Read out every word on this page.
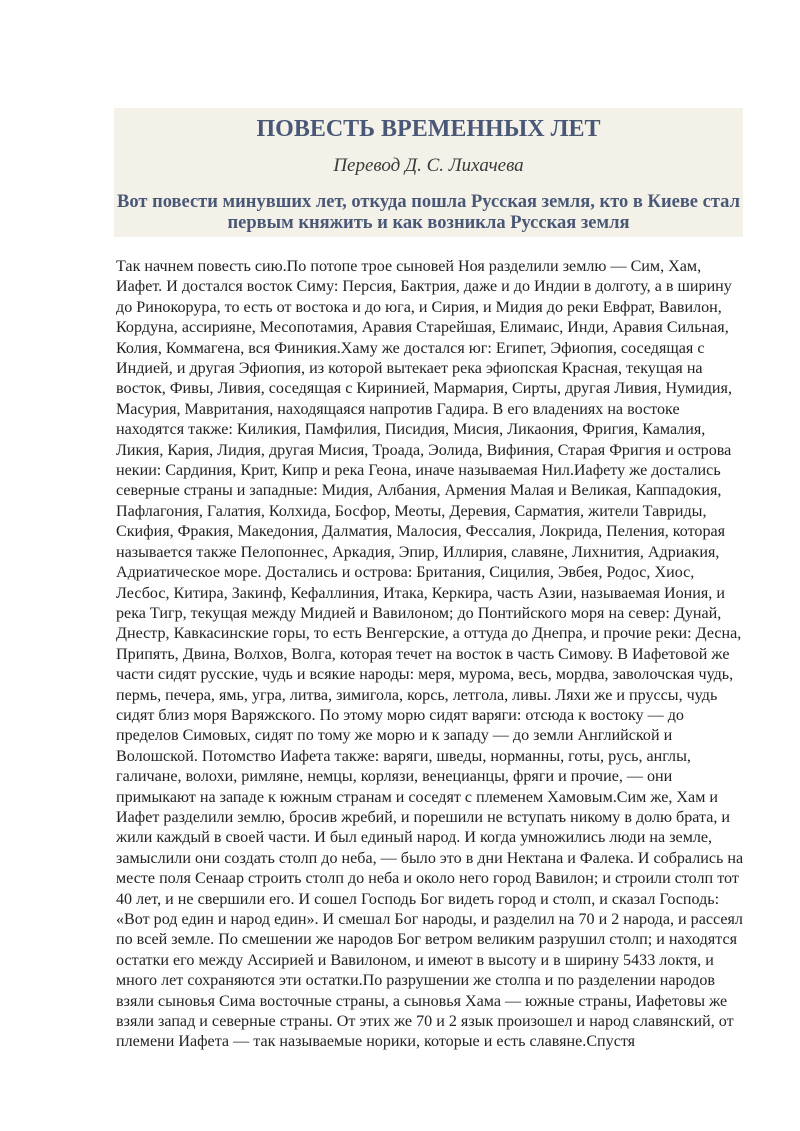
ПОВЕСТЬ ВРЕМЕННЫХ ЛЕТ

Перевод Д. С. Лихачева

Вот повести минувших лет, откуда пошла Русская земля, кто в Киеве стал первым княжить и как возникла Русская земля

Так начнем повесть сию.По потопе трое сыновей Ноя разделили землю — Сим, Хам, Иафет. И достался восток Симу: Персия, Бактрия, даже и до Индии в долготу, а в ширину до Ринокорура, то есть от востока и до юга, и Сирия, и Мидия до реки Евфрат, Вавилон, Кордуна, ассирияне, Месопотамия, Аравия Старейшая, Елимаис, Инди, Аравия Сильная, Колия, Коммагена, вся Финикия.Хаму же достался юг: Египет, Эфиопия, соседящая с Индией, и другая Эфиопия, из которой вытекает река эфиопская Красная, текущая на восток, Фивы, Ливия, соседящая с Киринией, Мармария, Сирты, другая Ливия, Нумидия, Масурия, Мавритания, находящаяся напротив Гадира. В его владениях на востоке находятся также: Киликия, Памфилия, Писидия, Мисия, Ликаония, Фригия, Камалия, Ликия, Кария, Лидия, другая Мисия, Троада, Эолида, Вифиния, Старая Фригия и острова некии: Сардиния, Крит, Кипр и река Геона, иначе называемая Нил.Иафету же достались северные страны и западные: Мидия, Албания, Армения Малая и Великая, Каппадокия, Пафлагония, Галатия, Колхида, Босфор, Меоты, Деревия, Сарматия, жители Тавриды, Скифия, Фракия, Македония, Далматия, Малосия, Фессалия, Локрида, Пеления, которая называется также Пелопоннес, Аркадия, Эпир, Иллирия, славяне, Лихнития, Адриакия, Адриатическое море. Достались и острова: Британия, Сицилия, Эвбея, Родос, Хиос, Лесбос, Китира, Закинф, Кефаллиния, Итака, Керкира, часть Азии, называемая Иония, и река Тигр, текущая между Мидией и Вавилоном; до Понтийского моря на север: Дунай, Днестр, Кавкасинские горы, то есть Венгерские, а оттуда до Днепра, и прочие реки: Десна, Припять, Двина, Волхов, Волга, которая течет на восток в часть Симову. В Иафетовой же части сидят русские, чудь и всякие народы: меря, мурома, весь, мордва, заволочская чудь, пермь, печера, ямь, угра, литва, зимигола, корсь, летгола, ливы. Ляхи же и пруссы, чудь сидят близ моря Варяжского. По этому морю сидят варяги: отсюда к востоку — до пределов Симовых, сидят по тому же морю и к западу — до земли Английской и Волошской. Потомство Иафета также: варяги, шведы, норманны, готы, русь, англы, галичане, волохи, римляне, немцы, корлязи, венецианцы, фряги и прочие, — они примыкают на западе к южным странам и соседят с племенем Хамовым.Сим же, Хам и Иафет разделили землю, бросив жребий, и порешили не вступать никому в долю брата, и жили каждый в своей части. И был единый народ. И когда умножились люди на земле, замыслили они создать столп до неба, — было это в дни Нектана и Фалека. И собрались на месте поля Сенаар строить столп до неба и около него город Вавилон; и строили столп тот 40 лет, и не свершили его. И сошел Господь Бог видеть город и столп, и сказал Господь: «Вот род един и народ един». И смешал Бог народы, и разделил на 70 и 2 народа, и рассеял по всей земле. По смешении же народов Бог ветром великим разрушил столп; и находятся остатки его между Ассирией и Вавилоном, и имеют в высоту и в ширину 5433 локтя, и много лет сохраняются эти остатки.По разрушении же столпа и по разделении народов взяли сыновья Сима восточные страны, а сыновья Хама — южные страны, Иафетовы же взяли запад и северные страны. От этих же 70 и 2 язык произошел и народ славянский, от племени Иафета — так называемые норики, которые и есть славяне.Спустя
